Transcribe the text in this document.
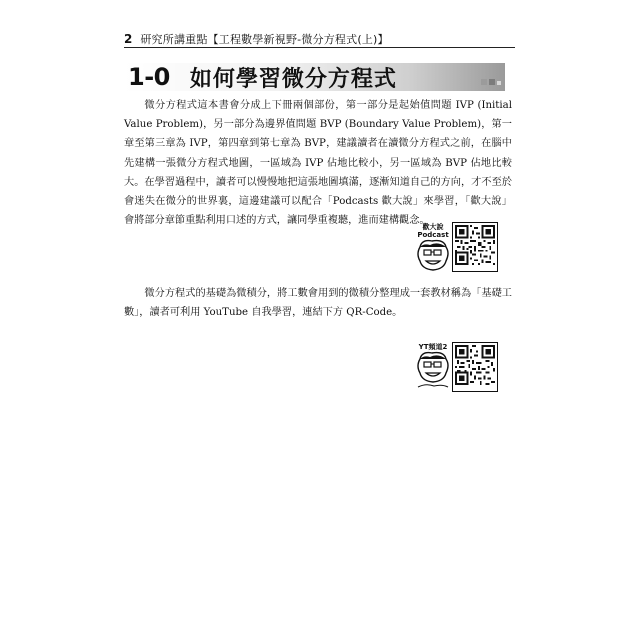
2 研究所講重點【工程數學新視野-微分方程式(上)】
1-0 如何學習微分方程式

微分方程式這本書會分成上下冊兩個部份，第一部分是起始值問題 IVP (Initial Value Problem)，另一部分為邊界值問題 BVP (Boundary Value Problem)，第一章至第三章為 IVP，第四章到第七章為 BVP，建議讀者在讀微分方程式之前，在腦中先建構一張微分方程式地圖，一區域為 IVP 佔地比較小，另一區域為 BVP 佔地比較大。在學習過程中，讀者可以慢慢地把這張地圖填滿，逐漸知道自己的方向，才不至於會迷失在微分的世界裏，這邊建議可以配合「Podcasts 歡大說」來學習，「歡大說」會將部分章節重點利用口述的方式，讓同學重複聽，進而建構觀念。

歡大說
Podcast

微分方程式的基礎為微積分，將工數會用到的微積分整理成一套教材稱為「基礎工數」，讀者可利用 YouTube 自我學習，連結下方 QR-Code。

YT頻道2
